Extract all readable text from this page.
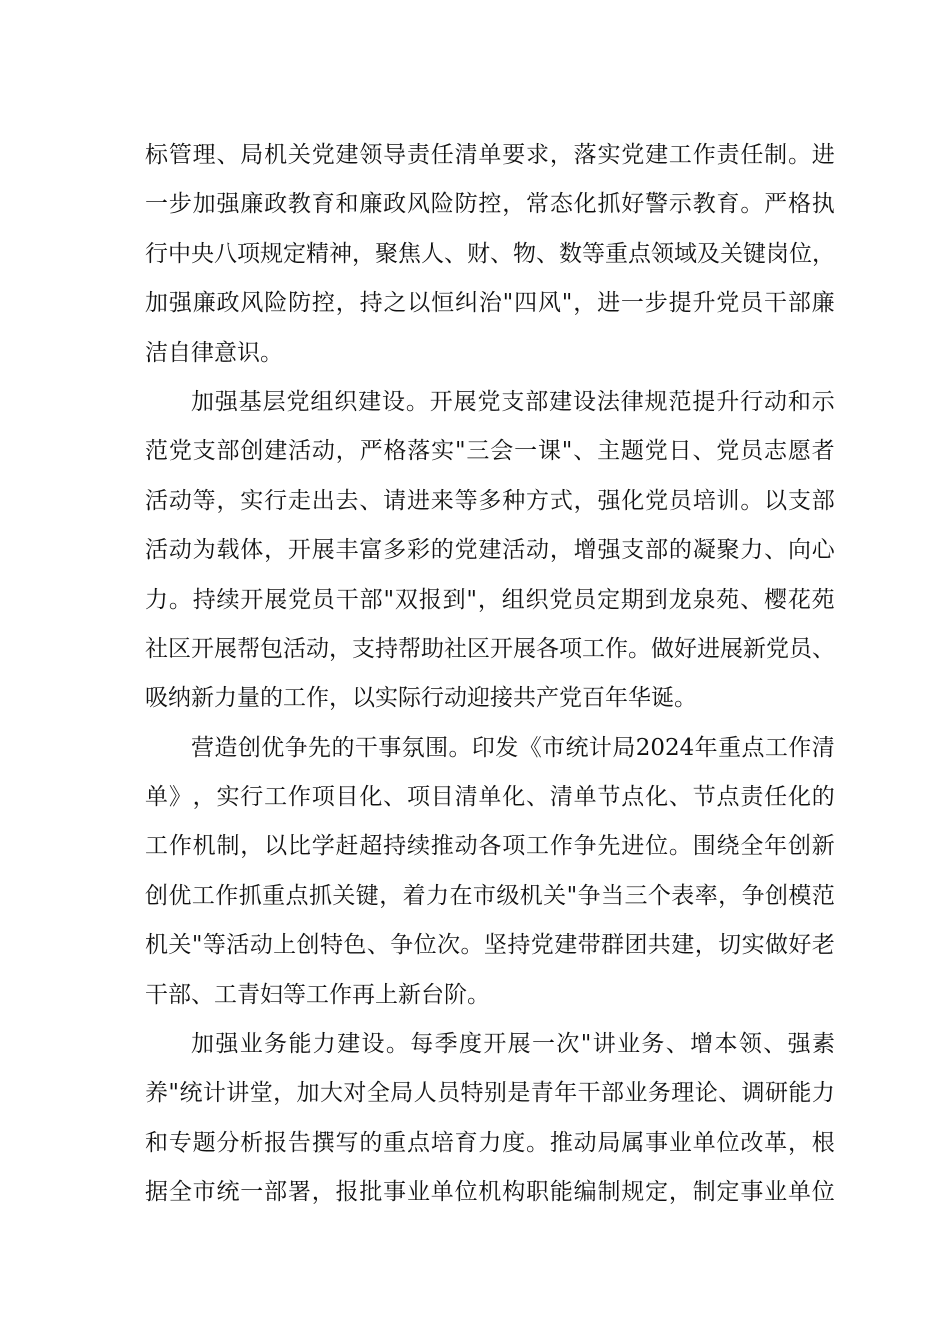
标 管 理 、 局 机 关 党 建 领 导 责 任 清 单 要 求 ， 落 实 党 建 工 作 责 任 制 。 进
一 步 加 强 廉 政 教 育 和 廉 政 风 险 防 控 ， 常 态 化 抓 好 警 示 教 育 。 严 格 执
行 中 央 八 项 规 定 精 神 ， 聚 焦 人 、 财 、 物 、 数 等 重 点 领 域 及 关 键 岗 位 ，
加 强 廉 政 风 险 防 控 ， 持 之 以 恒 纠 治 " 四 风 " ， 进 一 步 提 升 党 员 干 部 廉
洁自律意识。
加 强 基 层 党 组 织 建 设 。 开 展 党 支 部 建 设 法 律 规 范 提 升 行 动 和 示
范 党 支 部 创 建 活 动 ， 严 格 落 实 " 三 会 一 课 " 、 主 题 党 日 、 党 员 志 愿 者
活 动 等 ， 实 行 走 出 去 、 请 进 来 等 多 种 方 式 ， 强 化 党 员 培 训 。 以 支 部
活 动 为 载 体 ， 开 展 丰 富 多 彩 的 党 建 活 动 ， 增 强 支 部 的 凝 聚 力 、 向 心
力 。 持 续 开 展 党 员 干 部 " 双 报 到 " ， 组 织 党 员 定 期 到 龙 泉 苑 、 樱 花 苑
社 区 开 展 帮 包 活 动 ， 支 持 帮 助 社 区 开 展 各 项 工 作 。 做 好 进 展 新 党 员 、
吸纳新力量的工作，以实际行动迎接共产党百年华诞。
营 造 创 优 争 先 的 干 事 氛 围 。 印 发 《 市 统 计 局 2024 年 重 点 工 作 清
单 》 ， 实 行 工 作 项 目 化 、 项 目 清 单 化 、 清 单 节 点 化 、 节 点 责 任 化 的
工 作 机 制 ， 以 比 学 赶 超 持 续 推 动 各 项 工 作 争 先 进 位 。 围 绕 全 年 创 新
创 优 工 作 抓 重 点 抓 关 键 ， 着 力 在 市 级 机 关 " 争 当 三 个 表 率 ， 争 创 模 范
机 关 " 等 活 动 上 创 特 色 、 争 位 次 。 坚 持 党 建 带 群 团 共 建 ， 切 实 做 好 老
干部、工青妇等工作再上新台阶。
加 强 业 务 能 力 建 设 。 每 季 度 开 展 一 次 " 讲 业 务 、 增 本 领 、 强 素
养 " 统 计 讲 堂 ， 加 大 对 全 局 人 员 特 别 是 青 年 干 部 业 务 理 论 、 调 研 能 力
和 专 题 分 析 报 告 撰 写 的 重 点 培 育 力 度 。 推 动 局 属 事 业 单 位 改 革 ， 根
据 全 市 统 一 部 署 ， 报 批 事 业 单 位 机 构 职 能 编 制 规 定 ， 制 定 事 业 单 位
